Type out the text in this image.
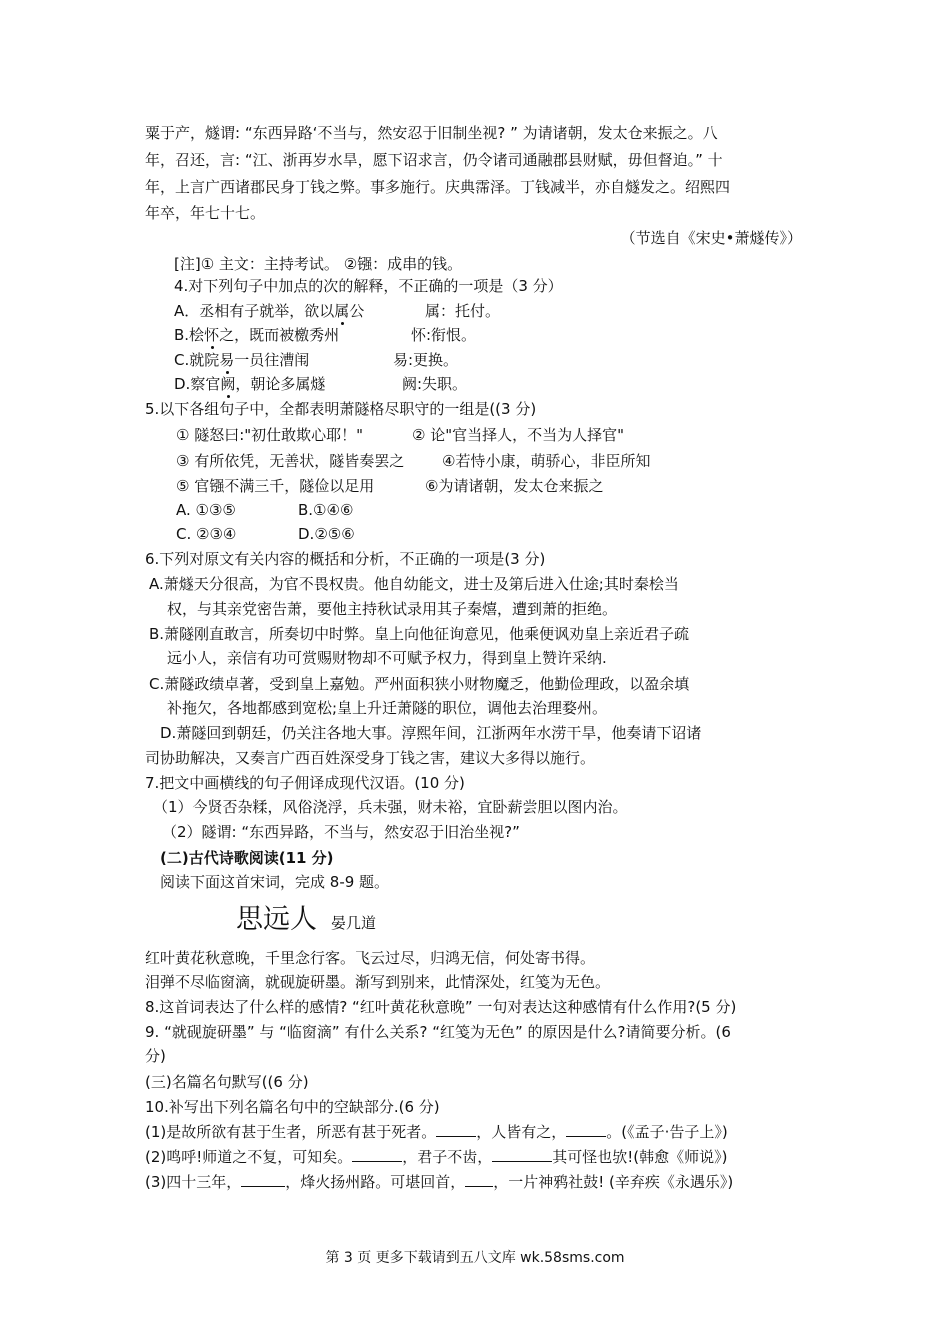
粟于产，燧谓: “东西异路‘不当与，然安忍于旧制坐视? ” 为请诸朝，发太仓来振之。八
年，召还，言: “江、浙再岁水旱，愿下诏求言，仍令诸司通融郡县财赋，毋但督迫。” 十
年，上言广西诸郡民身丁钱之弊。事多施行。庆典霈泽。丁钱减半，亦自燧发之。绍熙四
年卒，年七十七。
（节选自《宋史•萧燧传》）
[注]① 主文：主持考试。 ②镪：成串的钱。
4.对下列句子中加点的次的解释，不正确的一项是（3 分）
A．丞相有子就举，欲以属公	属：托付。
B.桧怀之，既而被檄秀州	怀:衔恨。
C.就院易一员往漕闱	易:更换。
D.察官阙，朝论多属燧	阙:失职。
5.以下各组句子中，全都表明萧隧格尽职守的一组是((3 分)
① 隧怒曰:"初仕敢欺心耶！"	② 论"官当择人，不当为人择官"
③ 有所依凭，无善状，隧皆奏罢之	④若恃小康，萌骄心，非臣所知
⑤ 官镪不满三千，隧俭以足用	⑥为请诸朝，发太仓来振之
A. ①③⑤	B.①④⑥
C. ②③④	D.②⑤⑥
6.下列对原文有关内容的概括和分析，不正确的一项是(3 分)
A.萧燧天分很高，为官不畏权贵。他自幼能文，进士及第后进入仕途;其时秦桧当
权，与其亲党密告萧，要他主持秋试录用其子秦熺，遭到萧的拒绝。
B.萧隧刚直敢言，所奏切中时弊。皇上向他征询意见，他乘便讽劝皇上亲近君子疏
远小人，亲信有功可赏赐财物却不可赋予权力，得到皇上赞许采纳.
C.萧隧政绩卓著，受到皇上嘉勉。严州面积狭小财物魔乏，他勤俭理政，以盈余填
补拖欠，各地都感到宽松;皇上升迁萧隧的职位，调他去治理婺州。
D.萧隧回到朝廷，仍关注各地大事。淳熙年间，江浙两年水涝干旱，他奏请下诏诸
司协助解决，又奏言广西百姓深受身丁钱之害，建议大多得以施行。
7.把文中画横线的句子佣译成现代汉语。(10 分)
（1）今贤否杂糅，风俗浇浮，兵未强，财未裕，宜卧薪尝胆以图内治。
（2）隧谓: “东西异路，不当与，然安忍于旧治坐视?”
(二)古代诗歌阅读(11 分)
阅读下面这首宋词，完成 8-9 题。
思远人 晏几道
红叶黄花秋意晚，千里念行客。飞云过尽，归鸿无信，何处寄书得。
泪弹不尽临窗滴，就砚旋研墨。渐写到别来，此情深处，红笺为无色。
8.这首词表达了什么样的感情? “红叶黄花秋意晚” 一句对表达这种感情有什么作用?(5 分)
9. “就砚旋研墨” 与 “临窗滴” 有什么关系? “红笺为无色” 的原因是什么?请简要分析。(6
分)
(三)名篇名句默写((6 分)
10.补写出下列名篇名句中的空缺部分.(6 分)
(1)是故所欲有甚于生者，所恶有甚于死者。	，人皆有之，	。(《孟子·告子上》)
(2)鸣呼!师道之不复，可知矣。	，君子不齿，	其可怪也欤!(韩愈《师说》)
(3)四十三年，	，烽火扬州路。可堪回首， ，一片神鸦社鼓! (辛弃疾《永遇乐》)
第 3 页 更多下载请到五八文库 wk.58sms.com
